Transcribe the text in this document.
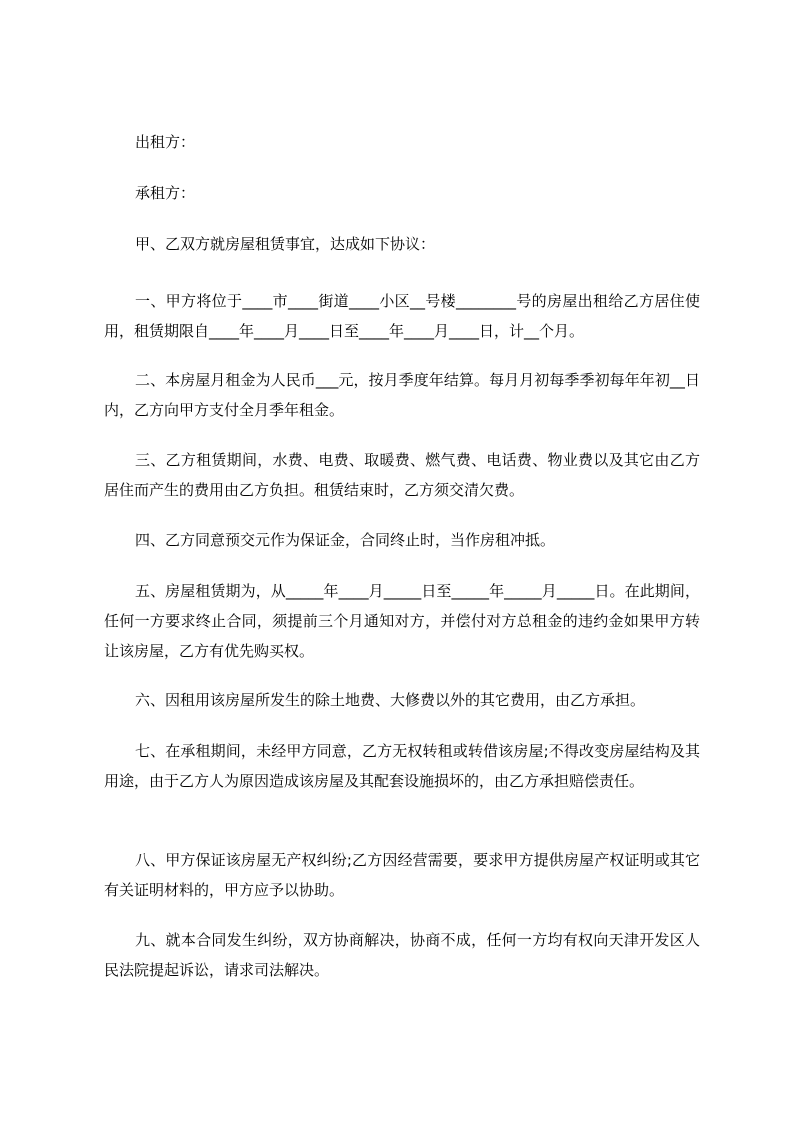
出租方：

承租方：

甲、乙双方就房屋租赁事宜，达成如下协议：

一、甲方将位于____市____街道____小区__号楼________号的房屋出租给乙方居住使用，租赁期限自____年____月____日至____年____月____日，计__个月。

二、本房屋月租金为人民币___元，按月季度年结算。每月月初每季季初每年年初__日内，乙方向甲方支付全月季年租金。

三、乙方租赁期间，水费、电费、取暖费、燃气费、电话费、物业费以及其它由乙方居住而产生的费用由乙方负担。租赁结束时，乙方须交清欠费。

四、乙方同意预交元作为保证金，合同终止时，当作房租冲抵。

五、房屋租赁期为，从_____年____月_____日至_____年_____月_____日。在此期间，任何一方要求终止合同，须提前三个月通知对方，并偿付对方总租金的违约金如果甲方转让该房屋，乙方有优先购买权。

六、因租用该房屋所发生的除土地费、大修费以外的其它费用，由乙方承担。

七、在承租期间，未经甲方同意，乙方无权转租或转借该房屋;不得改变房屋结构及其用途，由于乙方人为原因造成该房屋及其配套设施损坏的，由乙方承担赔偿责任。

八、甲方保证该房屋无产权纠纷;乙方因经营需要，要求甲方提供房屋产权证明或其它有关证明材料的，甲方应予以协助。

九、就本合同发生纠纷，双方协商解决，协商不成，任何一方均有权向天津开发区人民法院提起诉讼，请求司法解决。
